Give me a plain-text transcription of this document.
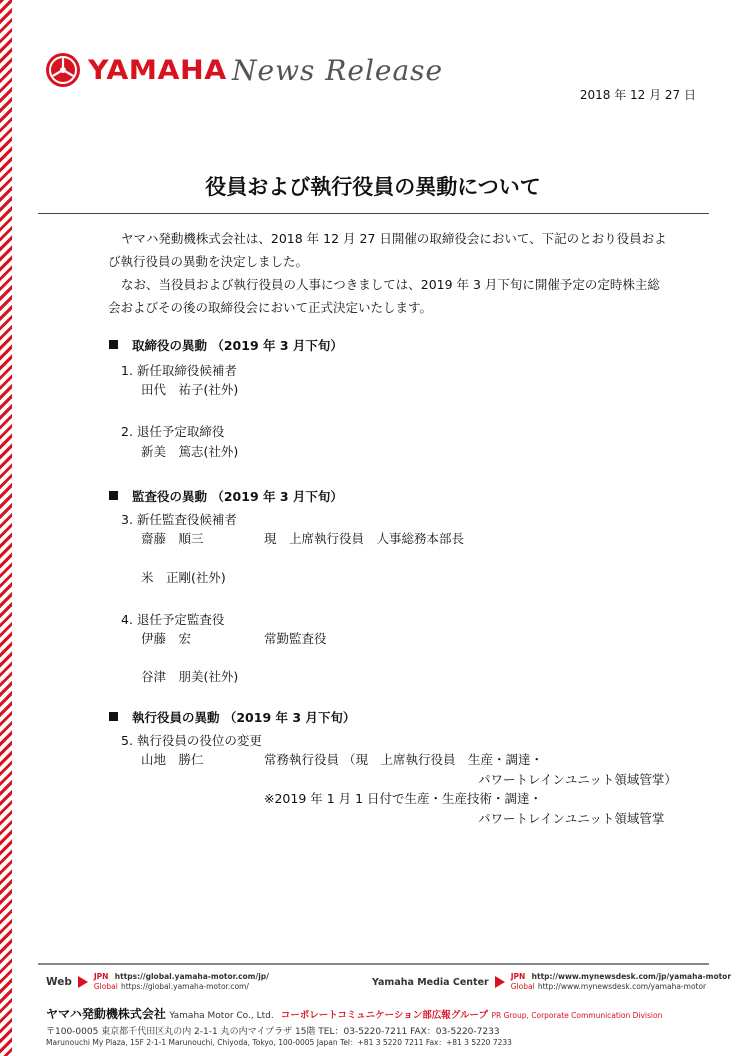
YAMAHA News Release
2018 年 12 月 27 日
役員および執行役員の異動について

ヤマハ発動機株式会社は、2018 年 12 月 27 日開催の取締役会において、下記のとおり役員および執行役員の異動を決定しました。

なお、当役員および執行役員の人事につきましては、2019 年 3 月下旬に開催予定の定時株主総会およびその後の取締役会において正式決定いたします。

取締役の異動 （2019 年 3 月下旬）
1. 新任取締役候補者
田代　祐子(社外)
2. 退任予定取締役
新美　篤志(社外)
監査役の異動 （2019 年 3 月下旬）
3. 新任監査役候補者
齋藤　順三	現　上席執行役員　人事総務本部長
米　正剛(社外)
4. 退任予定監査役
伊藤　宏	常勤監査役
谷津　朋美(社外)
執行役員の異動 （2019 年 3 月下旬）
5. 執行役員の役位の変更
山地　勝仁	常務執行役員 （現　上席執行役員　生産・調達・
パワートレインユニット領域管掌）
※2019 年 1 月 1 日付で生産・生産技術・調達・
パワートレインユニット領域管掌
Web	JPN https://global.yamaha-motor.com/jp/
Global https://global.yamaha-motor.com/	Yamaha Media Center	JPN http://www.mynewsdesk.com/jp/yamaha-motor
Global http://www.mynewsdesk.com/yamaha-motor
ヤマハ発動機株式会社 Yamaha Motor Co., Ltd. コーポレートコミュニケーション部広報グループ PR Group, Corporate Communication Division
〒100-0005 東京都千代田区丸の内 2-1-1 丸の内マイプラザ 15階 TEL：03-5220-7211 FAX：03-5220-7233
Marunouchi My Plaza, 15F 2-1-1 Marunouchi, Chiyoda, Tokyo, 100-0005 Japan Tel：+81 3 5220 7211 Fax：+81 3 5220 7233
